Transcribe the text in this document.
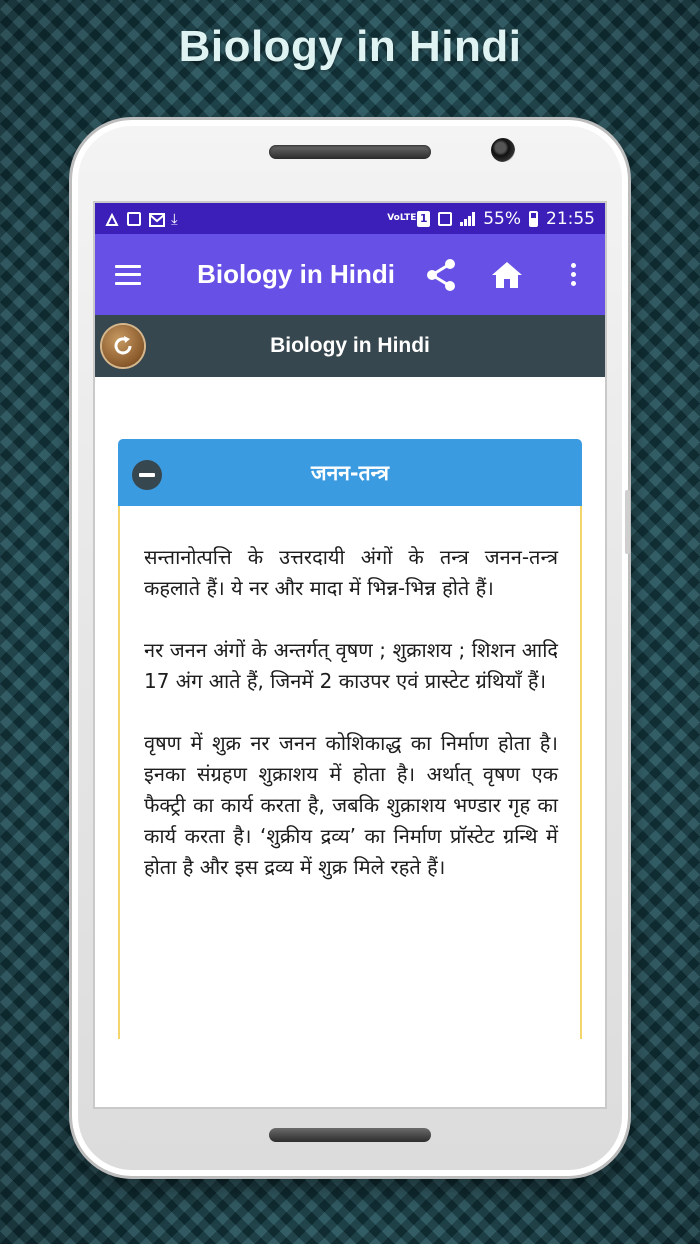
Biology in Hindi
⤓	VoLTE 1	55% 21:55
Biology in Hindi
Biology in Hindi
जनन-तन्त्र

सन्तानोत्पत्ति के उत्तरदायी अंगों के तन्त्र जनन-तन्त्र कहलाते हैं। ये नर और मादा में भिन्न-भिन्न होते हैं।

नर जनन अंगों के अन्तर्गत् वृषण ; शुक्राशय ; शिशन आदि 17 अंग आते हैं, जिनमें 2 काउपर एवं प्रास्टेट ग्रंथियाँ हैं।

वृषण में शुक्र नर जनन कोशिकाद्ध का निर्माण होता है। इनका संग्रहण शुक्राशय में होता है। अर्थात् वृषण एक फैक्ट्री का कार्य करता है, जबकि शुक्राशय भण्डार गृह का कार्य करता है। ‘शुक्रीय द्रव्य’ का निर्माण प्रॉस्टेट ग्रन्थि में होता है और इस द्रव्य में शुक्र मिले रहते हैं।
